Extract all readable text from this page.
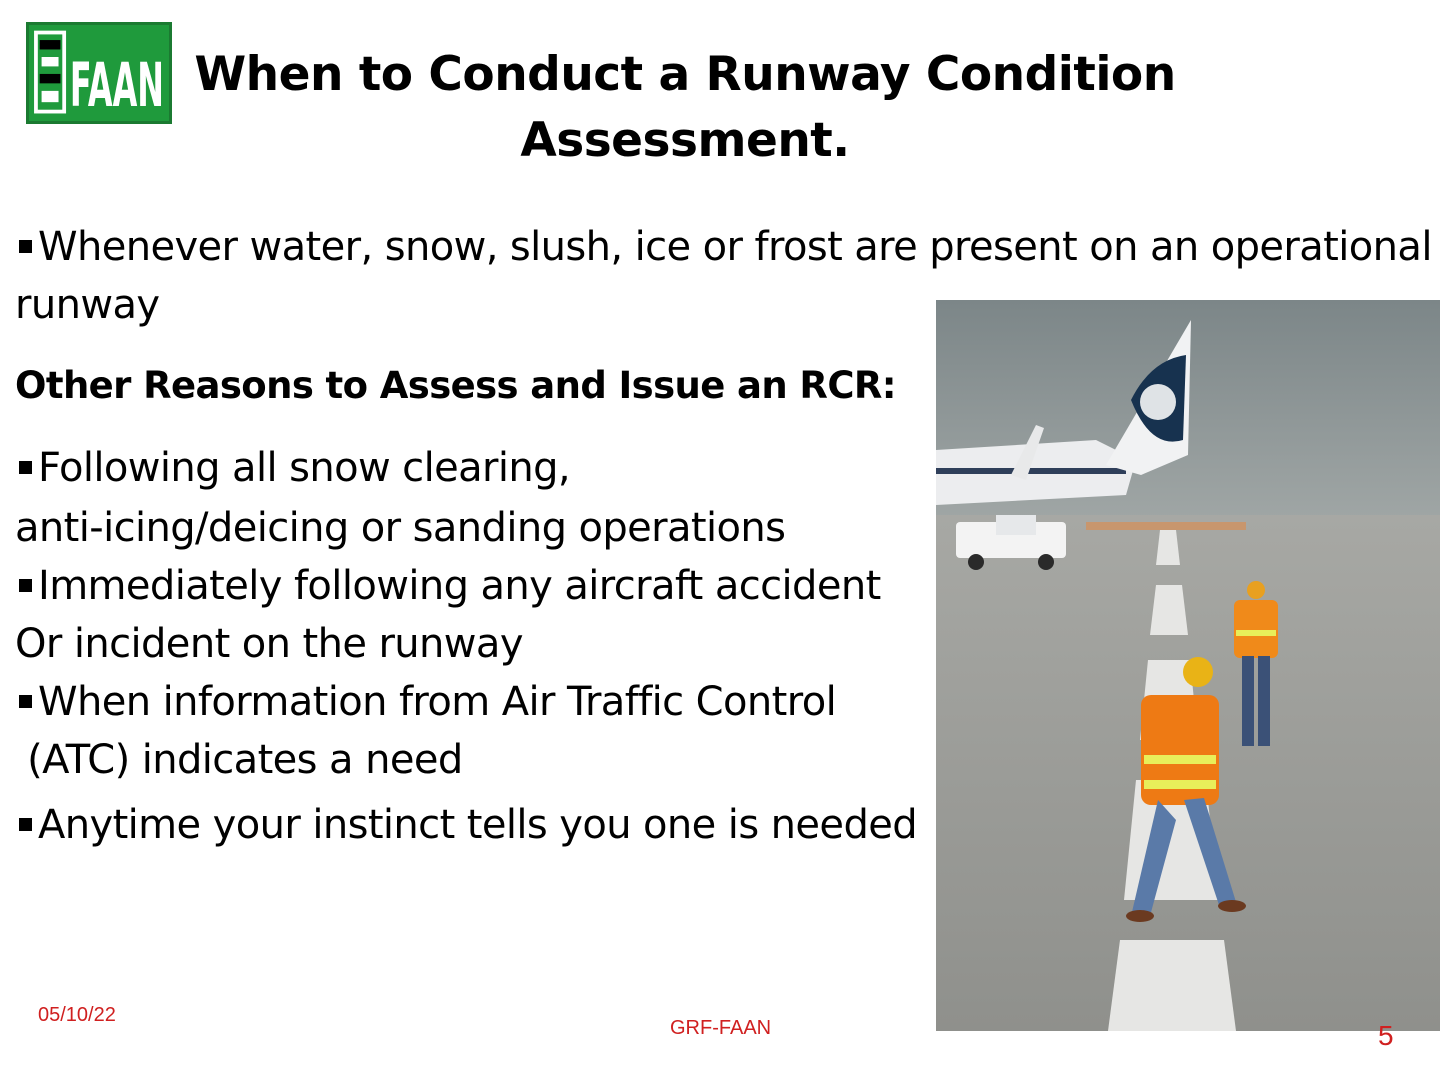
FAAN When to Conduct a Runway Condition
Assessment.
Whenever water, snow, slush, ice or frost are present on an operational
runway
Other Reasons to Assess and Issue an RCR:
Following all snow clearing,
anti-icing/deicing or sanding operations
Immediately following any aircraft accident
Or incident on the runway
When information from Air Traffic Control
(ATC) indicates a need
Anytime your instinct tells you one is needed
05/10/22
GRF-FAAN	5
